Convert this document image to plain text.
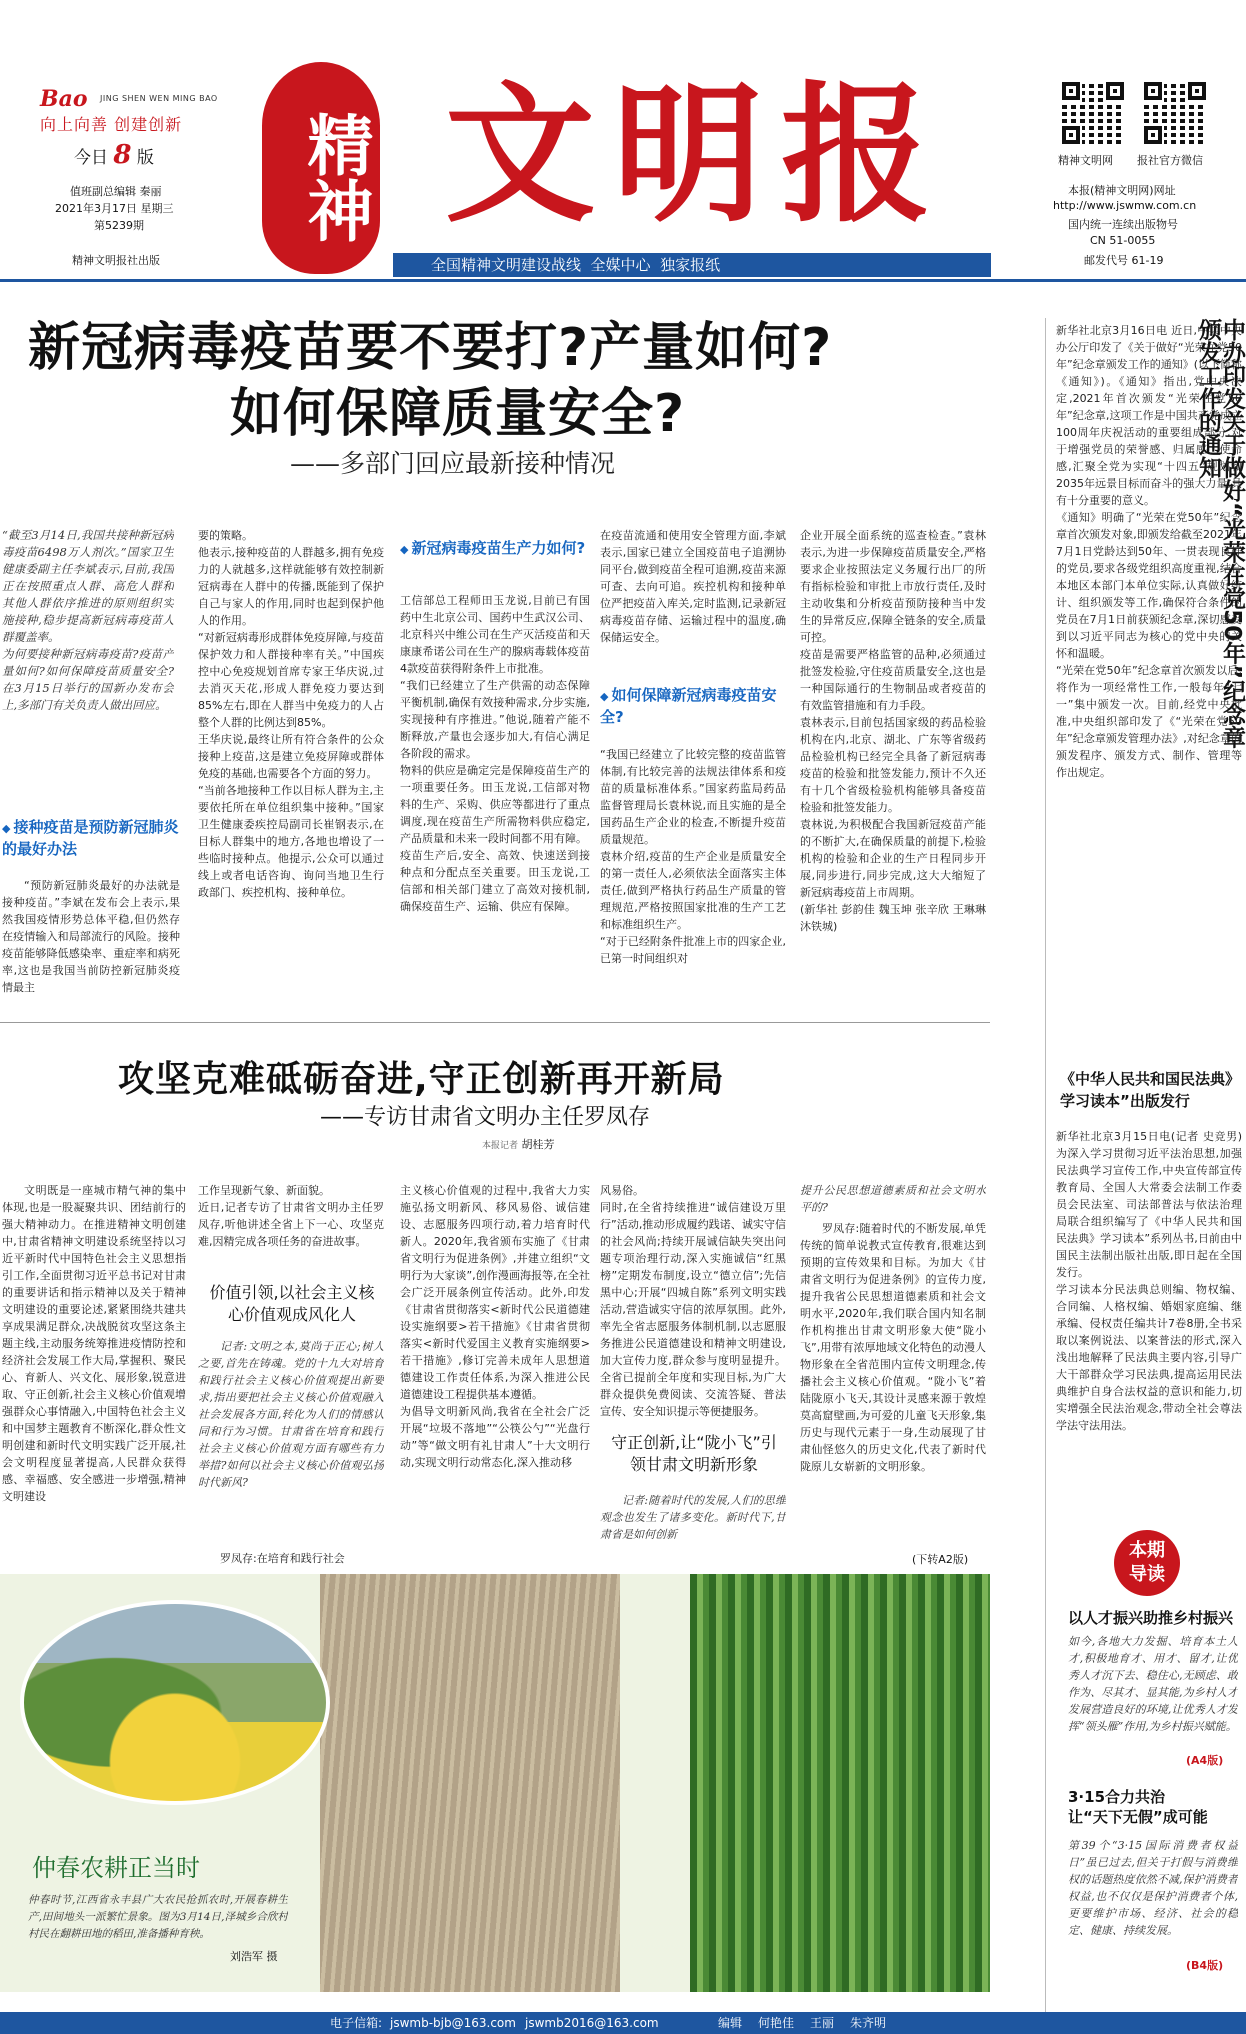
Bao JING SHEN WEN MING BAO
向上向善 创建创新
今日 8 版
值班副总编辑 秦丽
2021年3月17日 星期三
第5239期
精神文明报社出版
精神 文明报	精神文明网 报社官方微信
本报(精神文明网)网址
http://www.jswmw.com.cn
国内统一连续出版物号
CN 51-0055
邮发代号 61-19
全国精神文明建设战线  全媒中心  独家报纸
新冠病毒疫苗要不要打?产量如何?
如何保障质量安全?
——多部门回应最新接种情况
“截至3月14日,我国共接种新冠病毒疫苗6498万人剂次。”国家卫生健康委副主任李斌表示,目前,我国正在按照重点人群、高危人群和其他人群依序推进的原则组织实施接种,稳步提高新冠病毒疫苗人群覆盖率。
为何要接种新冠病毒疫苗?疫苗产量如何?如何保障疫苗质量安全?在3月15日举行的国新办发布会上,多部门有关负责人做出回应。
◆ 接种疫苗是预防新冠肺炎的最好办法

“预防新冠肺炎最好的办法就是接种疫苗。”李斌在发布会上表示,果然我国疫情形势总体平稳,但仍然存在疫情输入和局部流行的风险。接种疫苗能够降低感染率、重症率和病死率,这也是我国当前防控新冠肺炎疫情最主

要的策略。
他表示,接种疫苗的人群越多,拥有免疫力的人就越多,这样就能够有效控制新冠病毒在人群中的传播,既能到了保护自己与家人的作用,同时也起到保护他人的作用。
“对新冠病毒形成群体免疫屏障,与疫苗保护效力和人群接种率有关。”中国疾控中心免疫规划首席专家王华庆说,过去消灭天花,形成人群免疫力要达到85%左右,即在人群当中免疫力的人占整个人群的比例达到85%。
王华庆说,最终让所有符合条件的公众接种上疫苗,这是建立免疫屏障或群体免疫的基础,也需要各个方面的努力。
“当前各地接种工作以目标人群为主,主要依托所在单位组织集中接种。”国家卫生健康委疾控局副司长崔钢表示,在目标人群集中的地方,各地也增设了一些临时接种点。他提示,公众可以通过线上或者电话咨询、询问当地卫生行政部门、疾控机构、接种单位。
◆ 新冠病毒疫苗生产力如何?
工信部总工程师田玉龙说,目前已有国药中生北京公司、国药中生武汉公司、北京科兴中维公司在生产灭活疫苗和天康康希诺公司在生产的腺病毒载体疫苗4款疫苗获得附条件上市批准。
“我们已经建立了生产供需的动态保障平衡机制,确保有效接种需求,分步实施,实现接种有序推进。”他说,随着产能不断释放,产量也会逐步加大,有信心满足各阶段的需求。
物料的供应是确定完是保障疫苗生产的一项重要任务。田玉龙说,工信部对物料的生产、采购、供应等都进行了重点调度,现在疫苗生产所需物料供应稳定,产品质量和未来一段时间都不用有障。
疫苗生产后,安全、高效、快速送到接种点和分配点至关重要。田玉龙说,工信部和相关部门建立了高效对接机制,确保疫苗生产、运输、供应有保障。
在疫苗流通和使用安全管理方面,李斌表示,国家已建立全国疫苗电子追溯协同平台,做到疫苗全程可追溯,疫苗来源可查、去向可追。疾控机构和接种单位严把疫苗入库关,定时监测,记录新冠病毒疫苗存储、运输过程中的温度,确保储运安全。
◆ 如何保障新冠病毒疫苗安全?
“我国已经建立了比较完整的疫苗监管体制,有比较完善的法规法律体系和疫苗的质量标准体系。”国家药监局药品监督管理局长袁林说,而且实施的是全国药品生产企业的检查,不断提升疫苗质量规范。
袁林介绍,疫苗的生产企业是质量安全的第一责任人,必须依法全面落实主体责任,做到严格执行药品生产质量的管理规范,严格按照国家批准的生产工艺和标准组织生产。
“对于已经附条件批准上市的四家企业,已第一时间组织对
企业开展全面系统的巡查检查。”袁林表示,为进一步保障疫苗质量安全,严格要求企业按照法定义务履行出厂的所有指标检验和审批上市放行责任,及时主动收集和分析疫苗预防接种当中发生的异常反应,保障全链条的安全,质量可控。
疫苗是需要严格监管的品种,必须通过批签发检验,守住疫苗质量安全,这也是一种国际通行的生物制品或者疫苗的有效监管措施和有力手段。
袁林表示,目前包括国家级的药品检验机构在内,北京、湖北、广东等省级药品检验机构已经完全具备了新冠病毒疫苗的检验和批签发能力,预计不久还有十几个省级检验机构能够具备疫苗检验和批签发能力。
袁林说,为积极配合我国新冠疫苗产能的不断扩大,在确保质量的前提下,检验机构的检验和企业的生产日程同步开展,同步进行,同步完成,这大大缩短了新冠病毒疫苗上市周期。
(新华社 彭韵佳 魏玉坤 张辛欣 王琳琳 沐铁城)
中办印发关于做好“光荣在党50年”纪念章颁发工作的通知
新华社北京3月16日电 近日,中共中央办公厅印发了《关于做好“光荣在党50年”纪念章颁发工作的通知》(以下简称《通知》)。《通知》指出,党中央决定,2021年首次颁发“光荣在党50年”纪念章,这项工作是中国共产党成立100周年庆祝活动的重要组成部分,对于增强党员的荣誉感、归属感、使命感,汇聚全党为实现“十四五”规划和2035年远景目标而奋斗的强大力量,具有十分重要的意义。
《通知》明确了“光荣在党50年”纪念章首次颁发对象,即颁发给截至2021年7月1日党龄达到50年、一贯表现良好的党员,要求各级党组织高度重视,结合本地区本部门本单位实际,认真做好统计、组织颁发等工作,确保符合条件的党员在7月1日前获颁纪念章,深切感受到以习近平同志为核心的党中央的关怀和温暖。
“光荣在党50年”纪念章首次颁发以后,将作为一项经常性工作,一般每年“七一”集中颁发一次。目前,经党中央批准,中央组织部印发了《“光荣在党50年”纪念章颁发管理办法》,对纪念章的颁发程序、颁发方式、制作、管理等作出规定。
攻坚克难砥砺奋进,守正创新再开新局
——专访甘肃省文明办主任罗凤存
本报记者 胡桂芳

文明既是一座城市精气神的集中体现,也是一股凝聚共识、团结前行的强大精神动力。在推进精神文明创建中,甘肃省精神文明建设系统坚持以习近平新时代中国特色社会主义思想指引工作,全面贯彻习近平总书记对甘肃的重要讲话和指示精神以及关于精神文明建设的重要论述,紧紧围绕共建共享成果满足群众,决战脱贫攻坚这条主题主线,主动服务统筹推进疫情防控和经济社会发展工作大局,掌握积、聚民心、育新人、兴文化、展形象,锐意进取、守正创新,社会主义核心价值观增强群众心事情融入,中国特色社会主义和中国梦主题教育不断深化,群众性文明创建和新时代文明实践广泛开展,社会文明程度显著提高,人民群众获得感、幸福感、安全感进一步增强,精神文明建设

工作呈现新气象、新面貌。
近日,记者专访了甘肃省文明办主任罗凤存,听他讲述全省上下一心、攻坚克难,因精完成各项任务的奋进故事。
价值引领,以社会主义核心价值观成风化人

记者:文明之本,莫尚于正心;树人之要,首先在铸魂。党的十九大对培育和践行社会主义核心价值观提出新要求,指出要把社会主义核心价值观融入社会发展各方面,转化为人们的情感认同和行为习惯。甘肃省在培育和践行社会主义核心价值观方面有哪些有力举措?如何以社会主义核心价值观弘扬时代新风?

罗凤存:在培育和践行社会

主义核心价值观的过程中,我省大力实施弘扬文明新风、移风易俗、诚信建设、志愿服务四项行动,着力培育时代新人。2020年,我省颁布实施了《甘肃省文明行为促进条例》,并建立组织“文明行为大家谈”,创作漫画海报等,在全社会广泛开展条例宣传活动。此外,印发《甘肃省贯彻落实<新时代公民道德建设实施纲要>若干措施》《甘肃省贯彻落实<新时代爱国主义教育实施纲要>若干措施》,修订完善未成年人思想道德建设工作责任体系,为深入推进公民道德建设工程提供基本遵循。
为倡导文明新风尚,我省在全社会广泛开展“垃圾不落地”“公筷公勺”“光盘行动”等“做文明有礼甘肃人”十大文明行动,实现文明行动常态化,深入推动移
风易俗。
同时,在全省持续推进“诚信建设万里行”活动,推动形成履约践诺、诚实守信的社会风尚;持续开展诚信缺失突出问题专项治理行动,深入实施诚信“红黑榜”定期发布制度,设立“德立信”;先信黑中心;开展“四城自陈”系列文明实践活动,营造诚实守信的浓厚氛围。此外,率先全省志愿服务体制机制,以志愿服务推进公民道德建设和精神文明建设,加大宣传力度,群众参与度明显提升。全省已提前全年度和实现目标,为广大群众提供免费阅读、交流答疑、普法宣传、安全知识提示等便捷服务。
守正创新,让“陇小飞”引领甘肃文明新形象

记者:随着时代的发展,人们的思维观念也发生了诸多变化。新时代下,甘肃省是如何创新

提升公民思想道德素质和社会文明水平的?

罗凤存:随着时代的不断发展,单凭传统的简单说教式宣传教育,很难达到预期的宣传效果和目标。为加大《甘肃省文明行为促进条例》的宣传力度,提升我省公民思想道德素质和社会文明水平,2020年,我们联合国内知名制作机构推出甘肃文明形象大使“陇小飞”,用带有浓厚地域文化特色的动漫人物形象在全省范围内宣传文明理念,传播社会主义核心价值观。“陇小飞”着陆陇原小飞天,其设计灵感来源于敦煌莫高窟壁画,为可爱的儿童飞天形象,集历史与现代元素于一身,生动展现了甘肃仙怪悠久的历史文化,代表了新时代陇原儿女崭新的文明形象。

(下转A2版)
《中华人民共和国民法典》
学习读本”出版发行
新华社北京3月15日电(记者 史竞男)为深入学习贯彻习近平法治思想,加强民法典学习宣传工作,中央宣传部宣传教育局、全国人大常委会法制工作委员会民法室、司法部普法与依法治理局联合组织编写了《中华人民共和国民法典》学习读本”系列丛书,日前由中国民主法制出版社出版,即日起在全国发行。
学习读本分民法典总则编、物权编、合同编、人格权编、婚姻家庭编、继承编、侵权责任编共计7卷8册,全书采取以案例说法、以案普法的形式,深入浅出地解释了民法典主要内容,引导广大干部群众学习民法典,提高运用民法典维护自身合法权益的意识和能力,切实增强全民法治观念,带动全社会尊法学法守法用法。
本期
导读
以人才振兴助推乡村振兴
如今,各地大力发掘、培育本土人才,积极地育才、用才、留才,让优秀人才沉下去、稳住心,无顾虑、敢作为、尽其才、显其能,为乡村人才发展营造良好的环境,让优秀人才发挥“领头雁”作用,为乡村振兴赋能。
(A4版)
3·15合力共治
让“天下无假”成可能
第39个“3·15国际消费者权益日”虽已过去,但关于打假与消费维权的话题热度依然不减,保护消费者权益,也不仅仅是保护消费者个体,更要维护市场、经济、社会的稳定、健康、持续发展。
(B4版)
仲春农耕正当时
仲春时节,江西省永丰县广大农民抢抓农时,开展春耕生产,田间地头一派繁忙景象。图为3月14日,泽城乡合欣村村民在翻耕田地的稻田,准备播种育秧。
刘浩军 摄
电子信箱: jswmb-bjb@163.com jswmb2016@163.com	编辑 何艳佳 王丽 朱齐明
